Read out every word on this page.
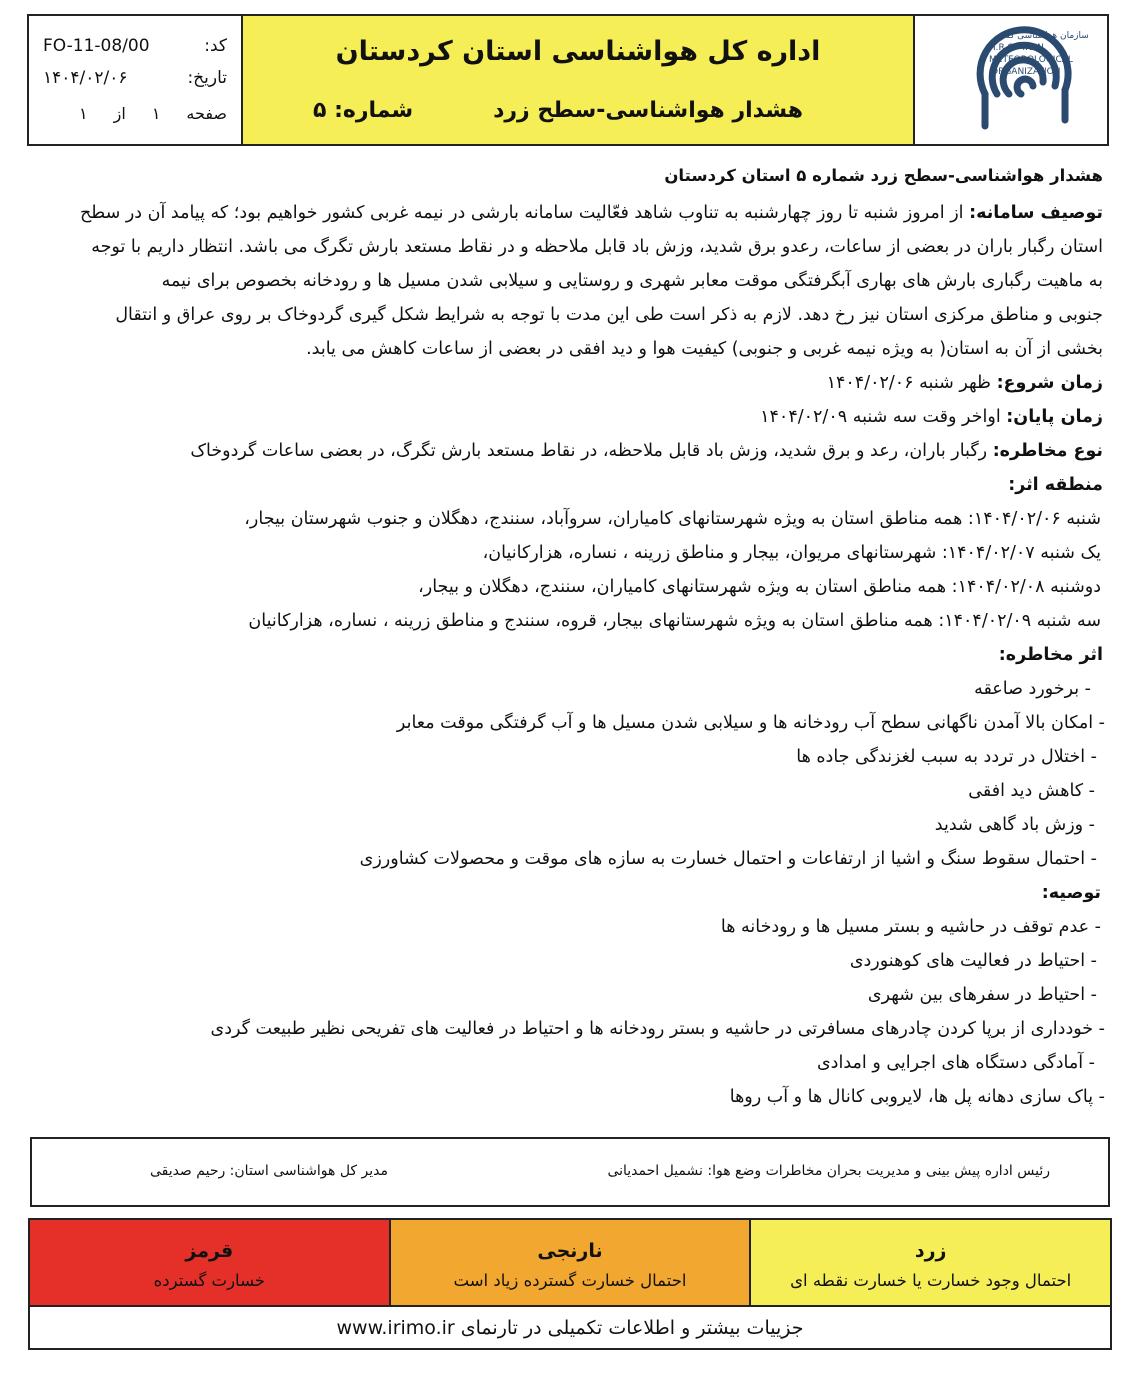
کد:
FO-11-08/00
تاریخ:
۱۴۰۴/۰۲/۰۶
صفحه
۱
از
۱
اداره کل هواشناسی استان کردستان
هشدار هواشناسی-سطح زرد
شماره: ۵
سازمان هواشناسی کشور
I.R.OF IRAN
METEOROLOGICAL
ORGANIZATION
هشدار هواشناسی-سطح زرد شماره ۵ استان کردستان
توصیف سامانه: از امروز شنبه تا روز چهارشنبه به تناوب شاهد فعّالیت سامانه بارشی در نیمه غربی کشور خواهیم بود؛ که پیامد آن در سطح
استان رگبار باران در بعضی از ساعات، رعدو برق شدید، وزش باد قابل ملاحظه و در نقاط مستعد بارش تگرگ می باشد. انتظار داریم با توجه
به ماهیت رگباری بارش های بهاری آبگرفتگی موقت معابر شهری و روستایی و سیلابی شدن مسیل ها و رودخانه بخصوص برای نیمه
جنوبی و مناطق مرکزی استان نیز رخ دهد. لازم به ذکر است طی این مدت با توجه به شرایط شکل گیری گردوخاک بر روی عراق و انتقال
بخشی از آن به استان( به ویژه نیمه غربی و جنوبی) کیفیت هوا و دید افقی در بعضی از ساعات کاهش می یابد.
زمان شروع: ظهر شنبه ۱۴۰۴/۰۲/۰۶
زمان پایان: اواخر وقت سه شنبه ۱۴۰۴/۰۲/۰۹
نوع مخاطره: رگبار باران، رعد و برق شدید، وزش باد قابل ملاحظه، در نقاط مستعد بارش تگرگ، در بعضی ساعات گردوخاک
منطقه اثر:
شنبه ۱۴۰۴/۰۲/۰۶: همه مناطق استان به ویژه شهرستانهای کامیاران، سروآباد، سنندج، دهگلان و جنوب شهرستان بیجار،
یک شنبه ۱۴۰۴/۰۲/۰۷: شهرستانهای مریوان، بیجار و مناطق زرینه ، نساره، هزارکانیان،
دوشنبه ۱۴۰۴/۰۲/۰۸: همه مناطق استان به ویژه شهرستانهای کامیاران، سنندج، دهگلان و بیجار،
سه شنبه ۱۴۰۴/۰۲/۰۹: همه مناطق استان به ویژه شهرستانهای بیجار، قروه، سنندج و مناطق زرینه ، نساره، هزارکانیان
اثر مخاطره:
- برخورد صاعقه
- امکان بالا آمدن ناگهانی سطح آب رودخانه ها و سیلابی شدن مسیل ها و آب گرفتگی موقت معابر
- اختلال در تردد به سبب لغزندگی جاده ها
- کاهش دید افقی
- وزش باد گاهی شدید
- احتمال سقوط سنگ و اشیا از ارتفاعات و احتمال خسارت به سازه های موقت و محصولات کشاورزی
توصیه:
- عدم توقف در حاشیه و بستر مسیل ها و رودخانه ها
- احتیاط در فعالیت های کوهنوردی
- احتیاط در سفرهای بین شهری
- خودداری از برپا کردن چادرهای مسافرتی در حاشیه و بستر رودخانه ها و احتیاط در فعالیت های تفریحی نظیر طبیعت گردی
- آمادگی دستگاه های اجرایی و امدادی
- پاک سازی دهانه پل ها، لایروبی کانال ها و آب روها
رئیس اداره پیش بینی و مدیریت بحران مخاطرات وضع هوا: نشمیل احمدیانی
مدیر کل هواشناسی استان: رحیم صدیقی
قرمز
خسارت گسترده
نارنجی
احتمال خسارت گسترده زیاد است
زرد
احتمال وجود خسارت یا خسارت نقطه ای
جزییات بیشتر و اطلاعات تکمیلی در تارنمای www.irimo.ir
